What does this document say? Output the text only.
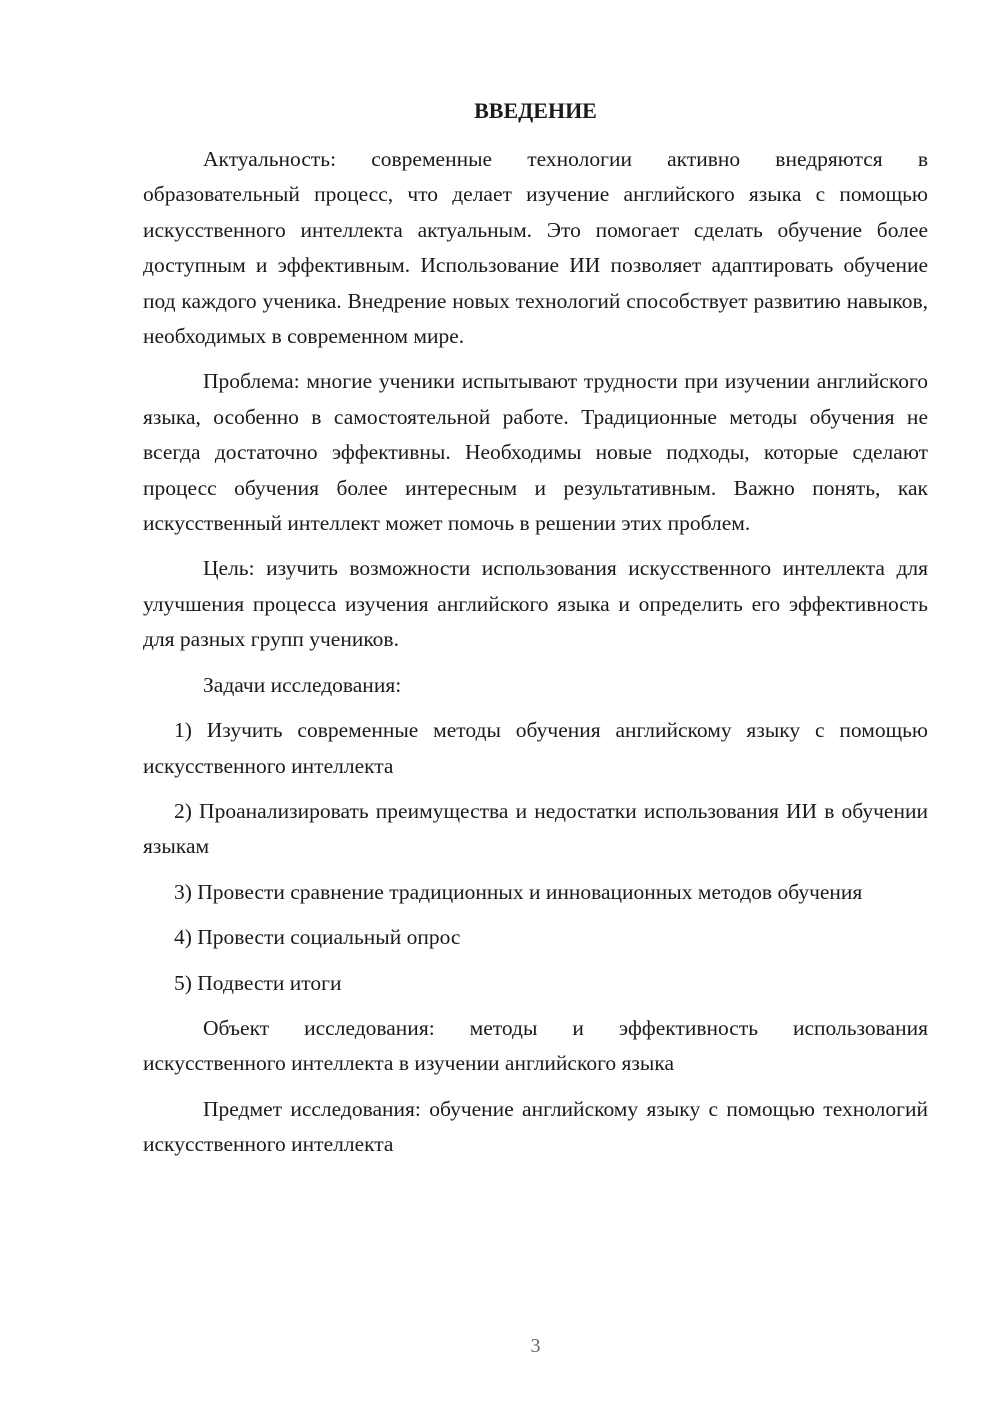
ВВЕДЕНИЕ

Актуальность: современные технологии активно внедряются в образовательный процесс, что делает изучение английского языка с помощью искусственного интеллекта актуальным. Это помогает сделать обучение более доступным и эффективным. Использование ИИ позволяет адаптировать обучение под каждого ученика. Внедрение новых технологий способствует развитию навыков, необходимых в современном мире.

Проблема: многие ученики испытывают трудности при изучении английского языка, особенно в самостоятельной работе. Традиционные методы обучения не всегда достаточно эффективны. Необходимы новые подходы, которые сделают процесс обучения более интересным и результативным. Важно понять, как искусственный интеллект может помочь в решении этих проблем.

Цель: изучить возможности использования искусственного интеллекта для улучшения процесса изучения английского языка и определить его эффективность для разных групп учеников.

Задачи исследования:

1) Изучить современные методы обучения английскому языку с помощью искусственного интеллекта

2) Проанализировать преимущества и недостатки использования ИИ в обучении языкам

3) Провести сравнение традиционных и инновационных методов обучения

4) Провести социальный опрос

5) Подвести итоги

Объект исследования: методы и эффективность использования искусственного интеллекта в изучении английского языка

Предмет исследования: обучение английскому языку с помощью технологий искусственного интеллекта

3
